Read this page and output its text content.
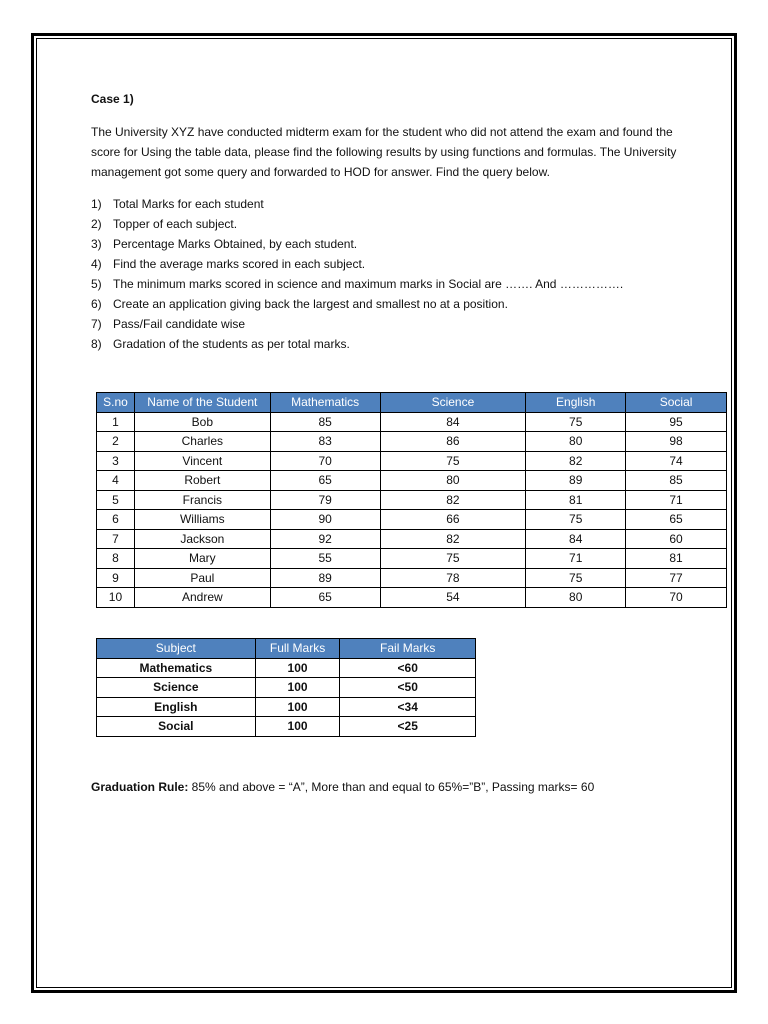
Case 1)

The University XYZ have conducted midterm exam for the student who did not attend the exam and found the score for Using the table data, please find the following results by using functions and formulas. The University management got some query and forwarded to HOD for answer. Find the query below.

1) Total Marks for each student
2) Topper of each subject.
3) Percentage Marks Obtained, by each student.
4) Find the average marks scored in each subject.
5) The minimum marks scored in science and maximum marks in Social are ……. And …………….
6) Create an application giving back the largest and smallest no at a position.
7) Pass/Fail candidate wise
8) Gradation of the students as per total marks.
S.no	Name of the Student	Mathematics	Science	English	Social
1	Bob	85	84	75	95
2	Charles	83	86	80	98
3	Vincent	70	75	82	74
4	Robert	65	80	89	85
5	Francis	79	82	81	71
6	Williams	90	66	75	65
7	Jackson	92	82	84	60
8	Mary	55	75	71	81
9	Paul	89	78	75	77
10	Andrew	65	54	80	70
Subject	Full Marks	Fail Marks
Mathematics	100	<60
Science	100	<50
English	100	<34
Social	100	<25

Graduation Rule: 85% and above = “A”, More than and equal to 65%=”B”, Passing marks= 60
